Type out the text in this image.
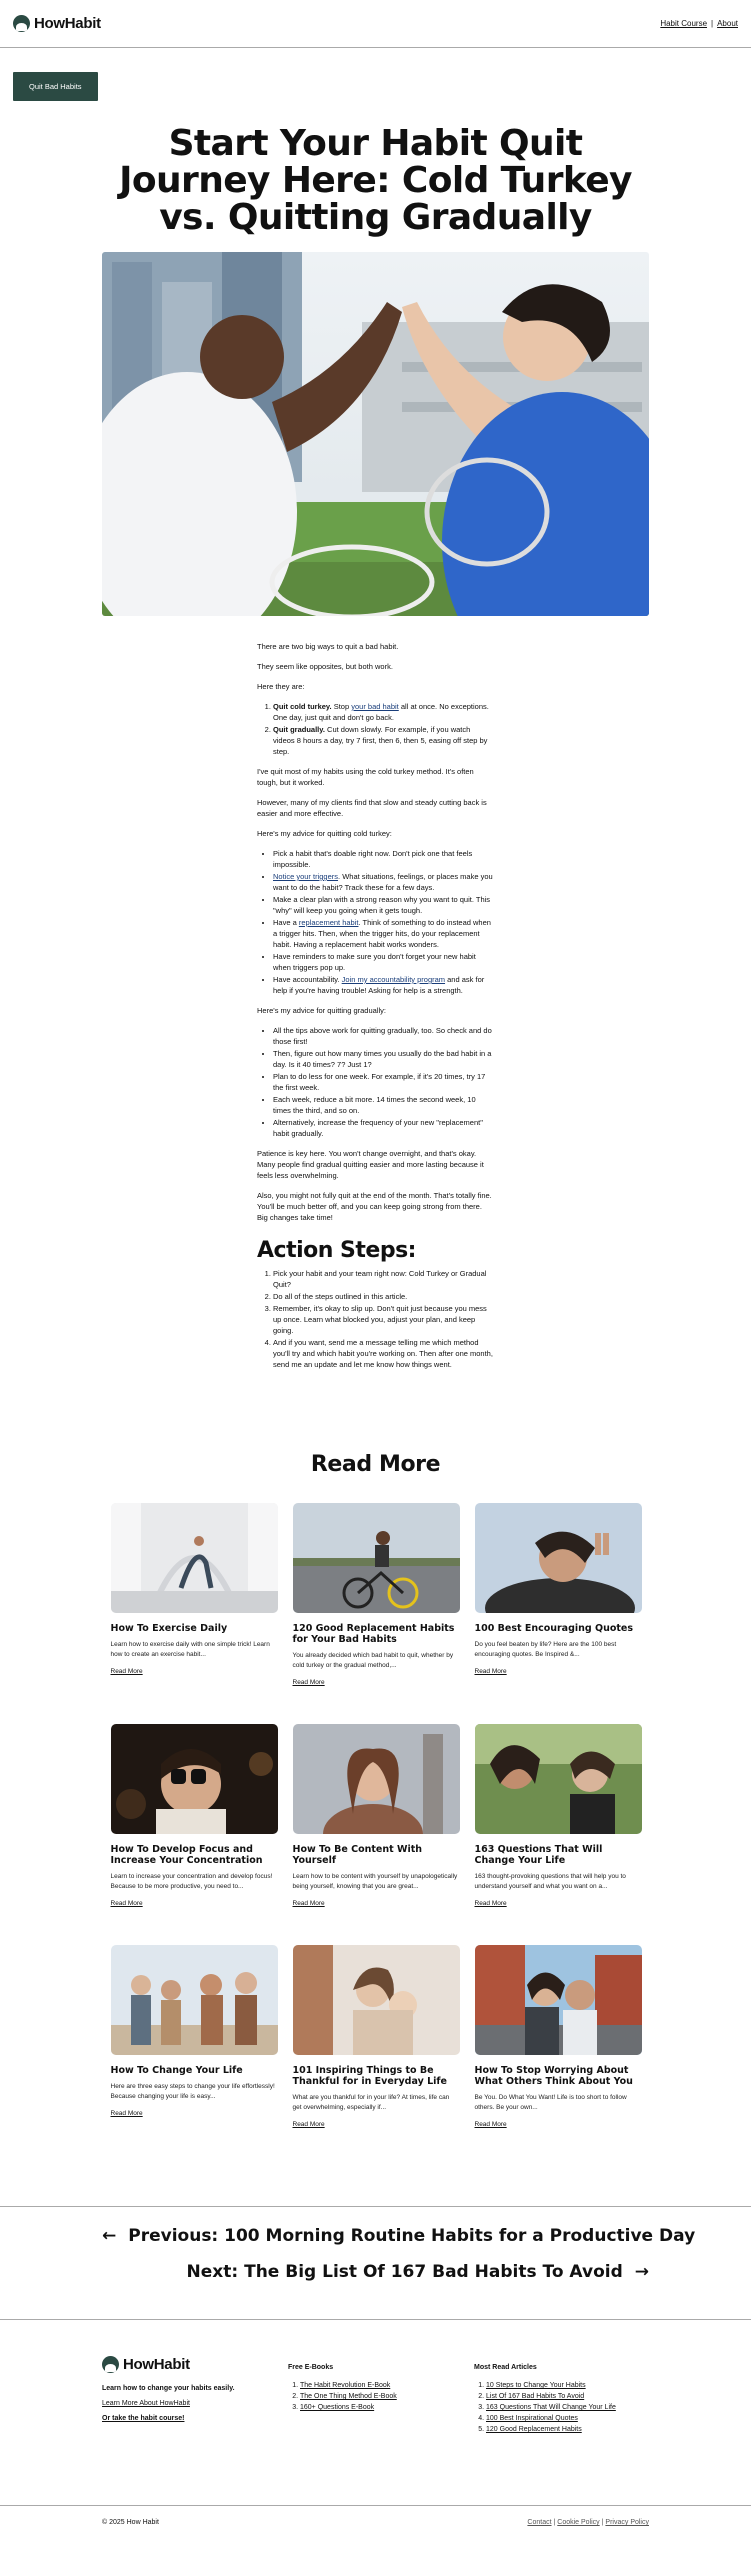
HowHabit	Habit Course | About
Quit Bad Habits
Start Your Habit Quit Journey Here: Cold Turkey vs. Quitting Gradually

There are two big ways to quit a bad habit.

They seem like opposites, but both work.

Here they are:

1. Quit cold turkey. Stop your bad habit all at once. No exceptions. One day, just quit and don't go back.
2. Quit gradually. Cut down slowly. For example, if you watch videos 8 hours a day, try 7 first, then 6, then 5, easing off step by step.

I've quit most of my habits using the cold turkey method. It's often tough, but it worked.

However, many of my clients find that slow and steady cutting back is easier and more effective.

Here's my advice for quitting cold turkey:

• Pick a habit that's doable right now. Don't pick one that feels impossible.
• Notice your triggers. What situations, feelings, or places make you want to do the habit? Track these for a few days.
• Make a clear plan with a strong reason why you want to quit. This "why" will keep you going when it gets tough.
• Have a replacement habit. Think of something to do instead when a trigger hits. Then, when the trigger hits, do your replacement habit. Having a replacement habit works wonders.
• Have reminders to make sure you don't forget your new habit when triggers pop up.
• Have accountability. Join my accountability program and ask for help if you're having trouble! Asking for help is a strength.

Here's my advice for quitting gradually:

• All the tips above work for quitting gradually, too. So check and do those first!
• Then, figure out how many times you usually do the bad habit in a day. Is it 40 times? 7? Just 1?
• Plan to do less for one week. For example, if it's 20 times, try 17 the first week.
• Each week, reduce a bit more. 14 times the second week, 10 times the third, and so on.
• Alternatively, increase the frequency of your new "replacement" habit gradually.

Patience is key here. You won't change overnight, and that's okay. Many people find gradual quitting easier and more lasting because it feels less overwhelming.

Also, you might not fully quit at the end of the month. That's totally fine. You'll be much better off, and you can keep going strong from there. Big changes take time!

Action Steps:
1. Pick your habit and your team right now: Cold Turkey or Gradual Quit?
2. Do all of the steps outlined in this article.
3. Remember, it's okay to slip up. Don't quit just because you mess up once. Learn what blocked you, adjust your plan, and keep going.
4. And if you want, send me a message telling me which method you'll try and which habit you're working on. Then after one month, send me an update and let me know how things went.
Read More
How To Exercise Daily
Learn how to exercise daily with one simple trick! Learn how to create an exercise habit...
Read More
120 Good Replacement Habits for Your Bad Habits
You already decided which bad habit to quit, whether by cold turkey or the gradual method,...
Read More
100 Best Encouraging Quotes
Do you feel beaten by life? Here are the 100 best encouraging quotes. Be Inspired &...
Read More
How To Develop Focus and Increase Your Concentration
Learn to increase your concentration and develop focus! Because to be more productive, you need to...
Read More
How To Be Content With Yourself
Learn how to be content with yourself by unapologetically being yourself, knowing that you are great...
Read More
163 Questions That Will Change Your Life
163 thought-provoking questions that will help you to understand yourself and what you want on a...
Read More
How To Change Your Life
Here are three easy steps to change your life effortlessly! Because changing your life is easy...
Read More
101 Inspiring Things to Be Thankful for in Everyday Life
What are you thankful for in your life? At times, life can get overwhelming, especially if...
Read More
How To Stop Worrying About What Others Think About You
Be You. Do What You Want! Life is too short to follow others. Be your own...
Read More
← Previous: 100 Morning Routine Habits for a Productive Day
Next: The Big List Of 167 Bad Habits To Avoid →
HowHabit
Learn how to change your habits easily.
Learn More About HowHabit
Or take the habit course!
Free E-Books
1. The Habit Revolution E-Book
2. The One Thing Method E-Book
3. 160+ Questions E-Book
Most Read Articles
1. 10 Steps to Change Your Habits
2. List Of 167 Bad Habits To Avoid
3. 163 Questions That Will Change Your Life
4. 100 Best Inspirational Quotes
5. 120 Good Replacement Habits
© 2025 How Habit	Contact | Cookie Policy | Privacy Policy
